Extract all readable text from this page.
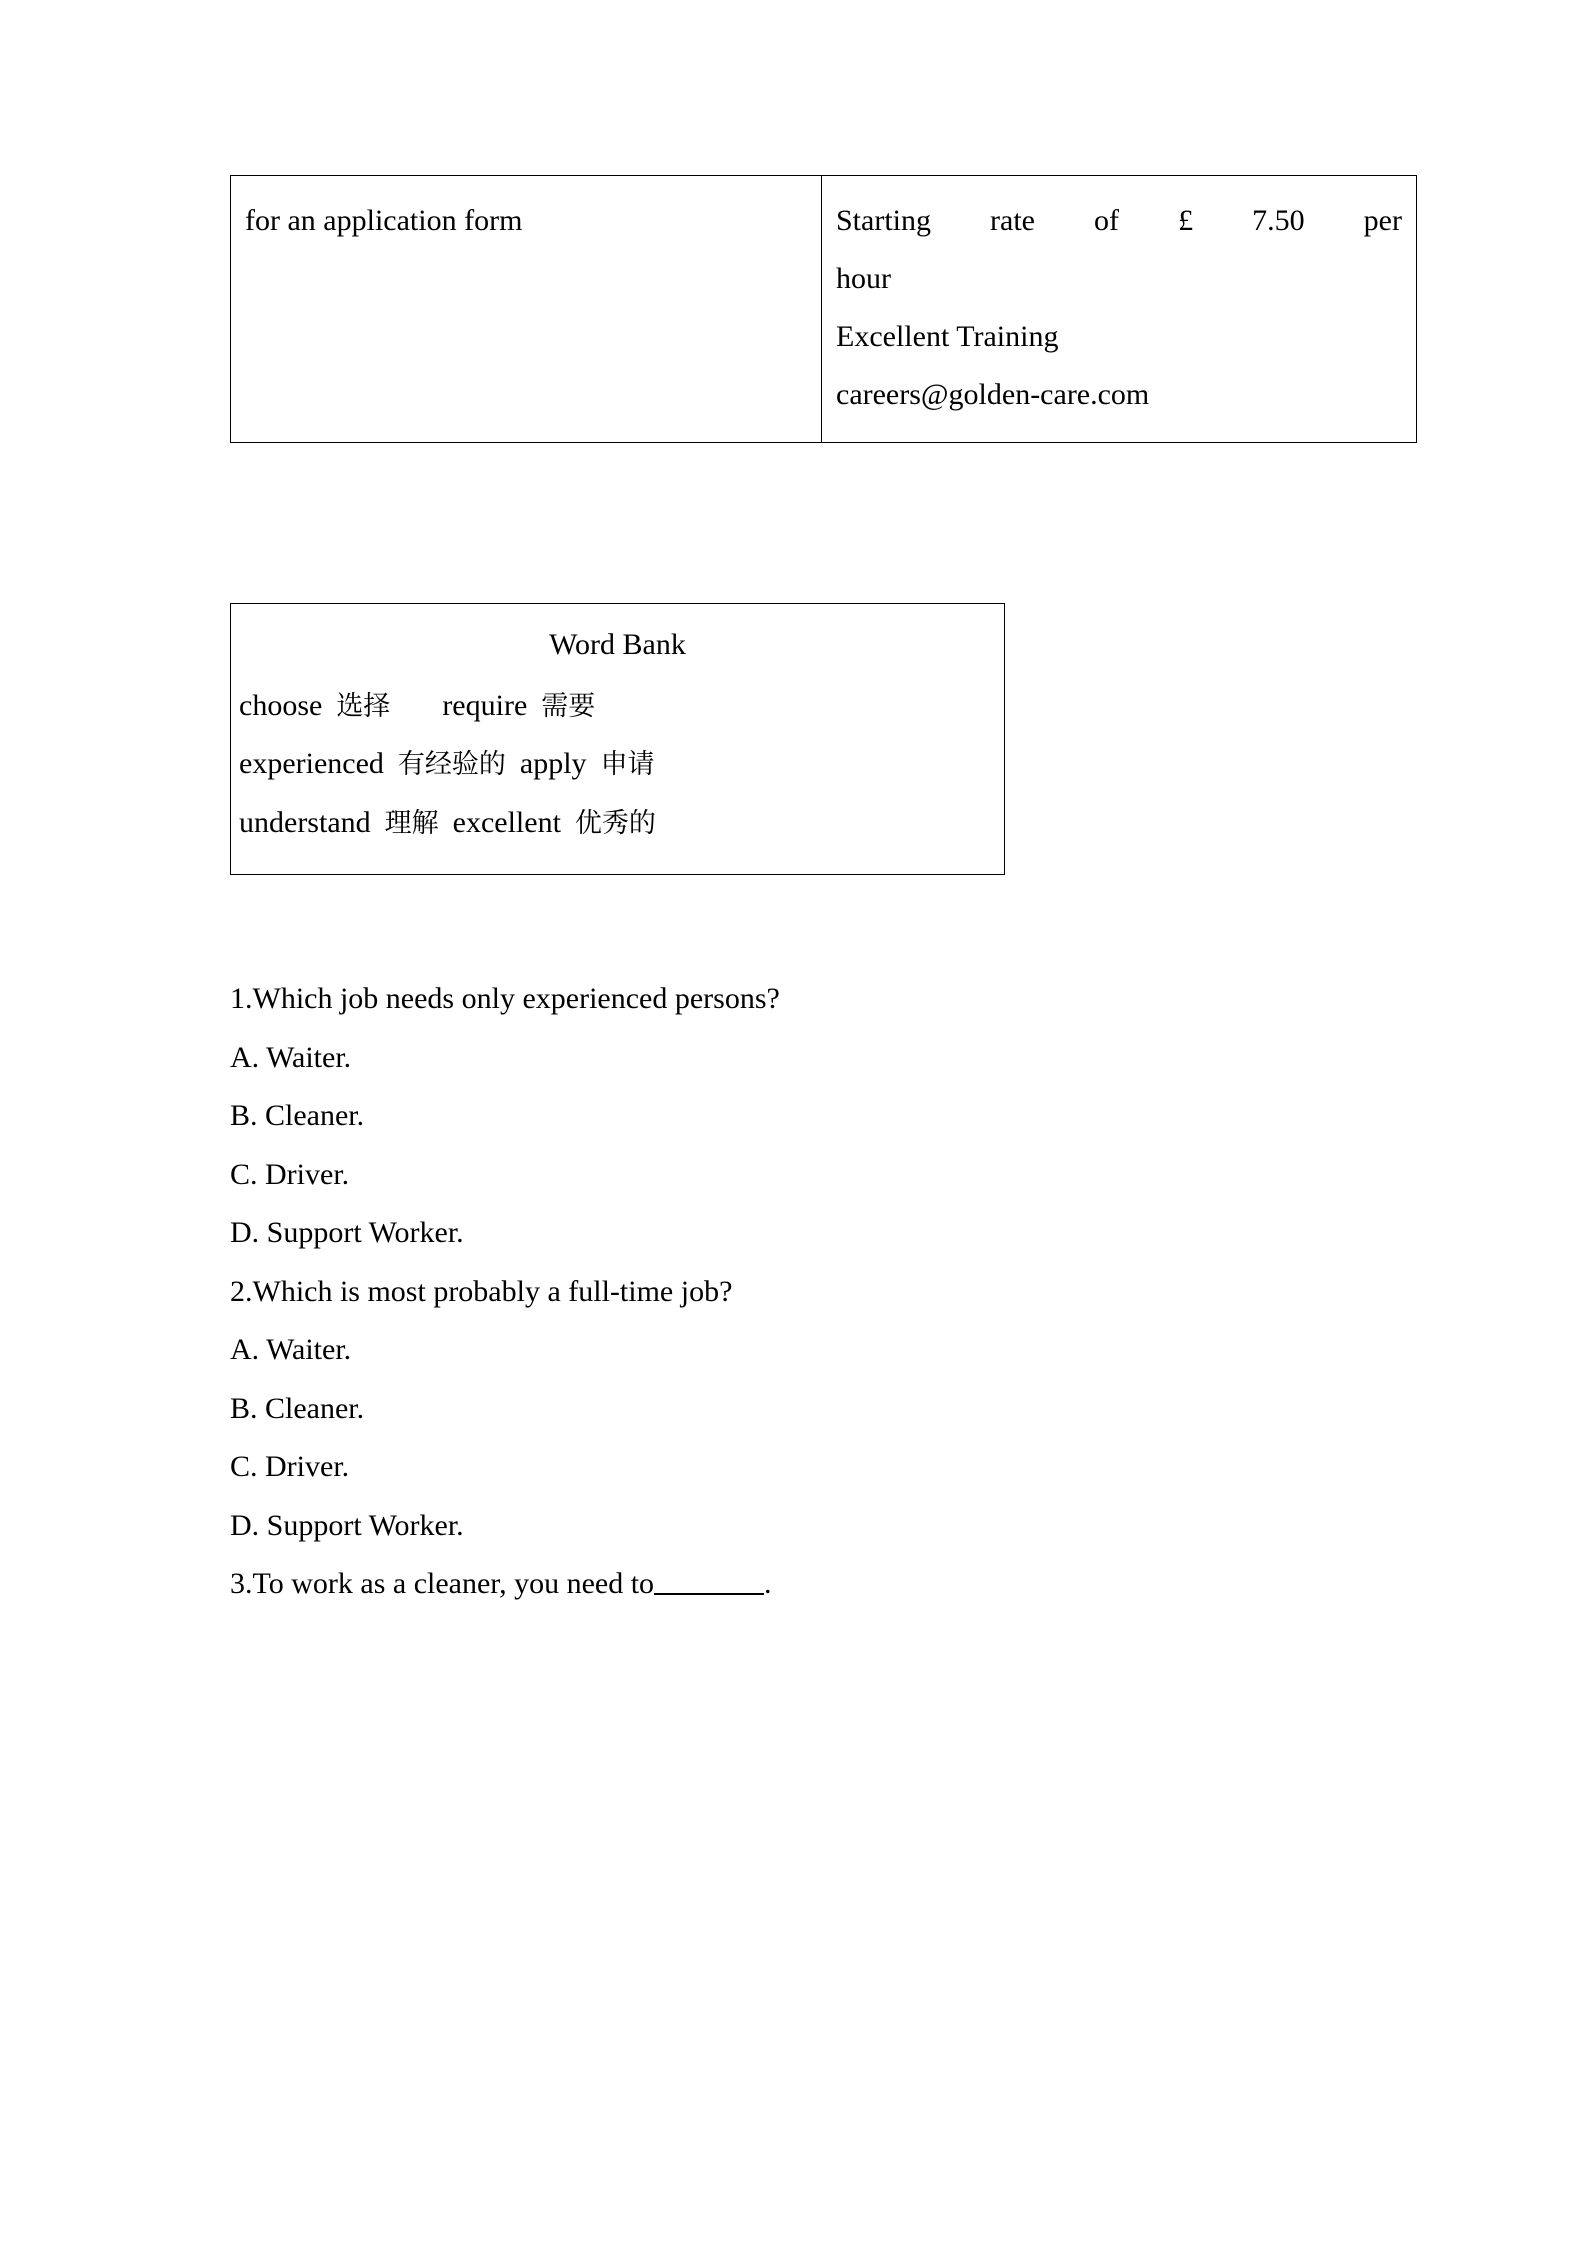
for an application form	Starting rate of £ 7.50 per
hour
Excellent Training
careers@golden-care.com
Word Bank
choose 选择 require 需要
experienced 有经验的 apply 申请
understand 理解 excellent 优秀的
1.Which job needs only experienced persons?
A. Waiter.
B. Cleaner.
C. Driver.
D. Support Worker.
2.Which is most probably a full-time job?
A. Waiter.
B. Cleaner.
C. Driver.
D. Support Worker.
3.To work as a cleaner, you need to	.
